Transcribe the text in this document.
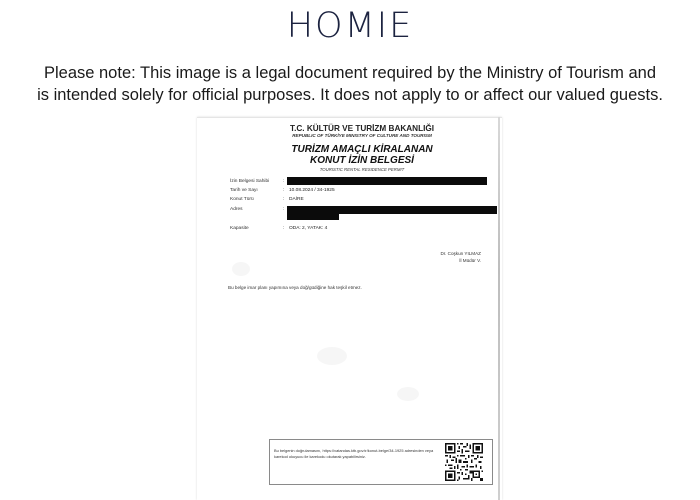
HOMIE
Please note: This image is a legal document required by the Ministry of Tourism and
is intended solely for official purposes. It does not apply to or affect our valued guests.
T.C. KÜLTÜR VE TURİZM BAKANLIĞI
REPUBLIC OF TÜRKİYE MINISTRY OF CULTURE AND TOURISM
TURİZM AMAÇLI KİRALANAN
KONUT İZİN BELGESİ
TOURISTIC RENTAL RESIDENCE PERMIT
İzin Belgesi Sahibi	:
Tarih ve Sayı	: 10.08.2024 / 34-1925
Konut Türü	: DAİRE
Adres	:
Kapasite	: ODA: 2, YATAK: 4
Dr. Coşkun YILMAZ
İl Müdür V.
Bu belge imar planı yapımına veya doğ/güdiğine hak teşkil etmez.
Bu belgenin doğrulamasını, https://vatandas.ktb.gov.tr/konut-belge/34-1925 adresinden veya karekod okuyucu ile karekodu okutarak yapabilirsiniz.
